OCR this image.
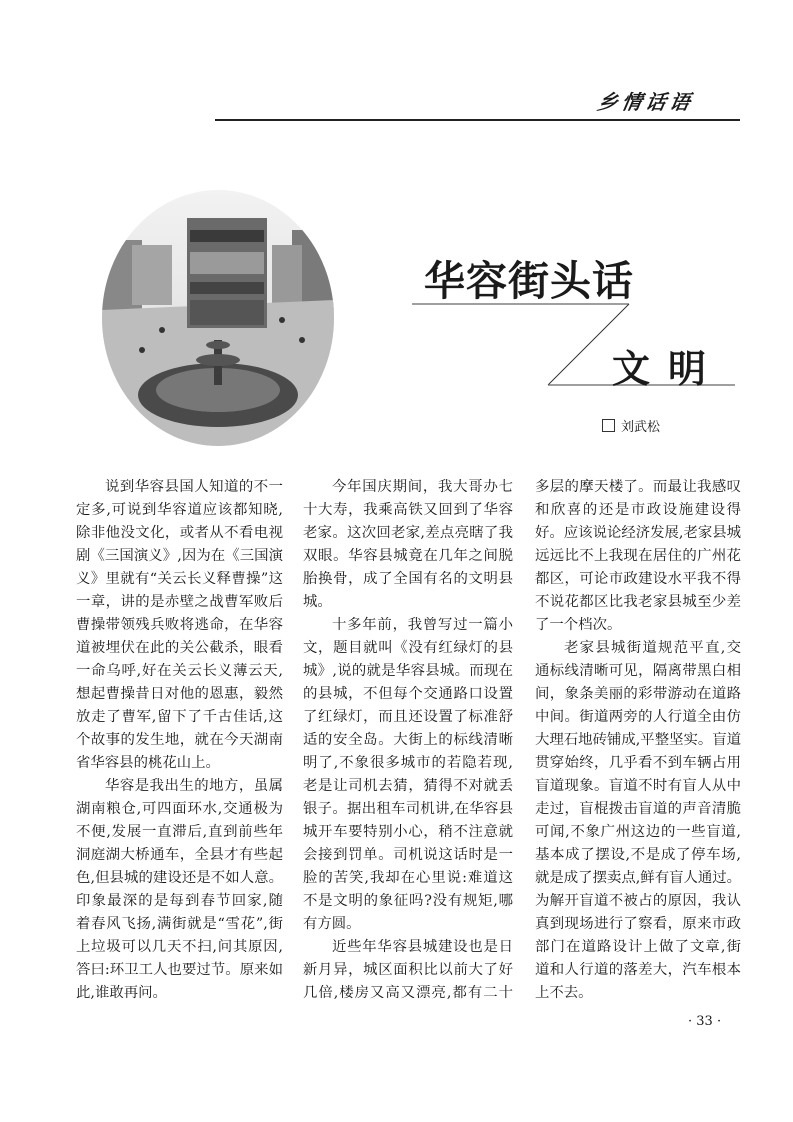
乡情话语
华容街头话
文明
刘武松
说到华容县国人知道的不一
定多,可说到华容道应该都知晓,
除非他没文化，或者从不看电视
剧《三国演义》,因为在《三国演
义》里就有“关云长义释曹操”这
一章，讲的是赤壁之战曹军败后
曹操带领残兵败将逃命，在华容
道被埋伏在此的关公截杀，眼看
一命乌呼,好在关云长义薄云天,
想起曹操昔日对他的恩惠，毅然
放走了曹军,留下了千古佳话,这
个故事的发生地，就在今天湖南
省华容县的桃花山上。
华容是我出生的地方，虽属
湖南粮仓,可四面环水,交通极为
不便,发展一直滞后,直到前些年
洞庭湖大桥通车，全县才有些起
色,但县城的建设还是不如人意。
印象最深的是每到春节回家,随
着春风飞扬,满街就是“雪花”,街
上垃圾可以几天不扫,问其原因,
答曰:环卫工人也要过节。原来如
此,谁敢再问。
今年国庆期间，我大哥办七
十大寿，我乘高铁又回到了华容
老家。这次回老家,差点亮瞎了我
双眼。华容县城竟在几年之间脱
胎换骨，成了全国有名的文明县
城。
十多年前，我曾写过一篇小
文，题目就叫《没有红绿灯的县
城》,说的就是华容县城。而现在
的县城，不但每个交通路口设置
了红绿灯，而且还设置了标准舒
适的安全岛。大街上的标线清晰
明了,不象很多城市的若隐若现,
老是让司机去猜，猜得不对就丢
银子。据出租车司机讲,在华容县
城开车要特别小心，稍不注意就
会接到罚单。司机说这话时是一
脸的苦笑,我却在心里说:难道这
不是文明的象征吗?没有规矩,哪
有方圆。
近些年华容县城建设也是日
新月异，城区面积比以前大了好
几倍,楼房又高又漂亮,都有二十
多层的摩天楼了。而最让我感叹
和欣喜的还是市政设施建设得
好。应该说论经济发展,老家县城
远远比不上我现在居住的广州花
都区，可论市政建设水平我不得
不说花都区比我老家县城至少差
了一个档次。
老家县城街道规范平直,交
通标线清晰可见，隔离带黑白相
间，象条美丽的彩带游动在道路
中间。街道两旁的人行道全由仿
大理石地砖铺成,平整坚实。盲道
贯穿始终，几乎看不到车辆占用
盲道现象。盲道不时有盲人从中
走过，盲棍拨击盲道的声音清脆
可闻,不象广州这边的一些盲道,
基本成了摆设,不是成了停车场,
就是成了摆卖点,鲜有盲人通过。
为解开盲道不被占的原因，我认
真到现场进行了察看，原来市政
部门在道路设计上做了文章,街
道和人行道的落差大，汽车根本
上不去。
· 33 ·
